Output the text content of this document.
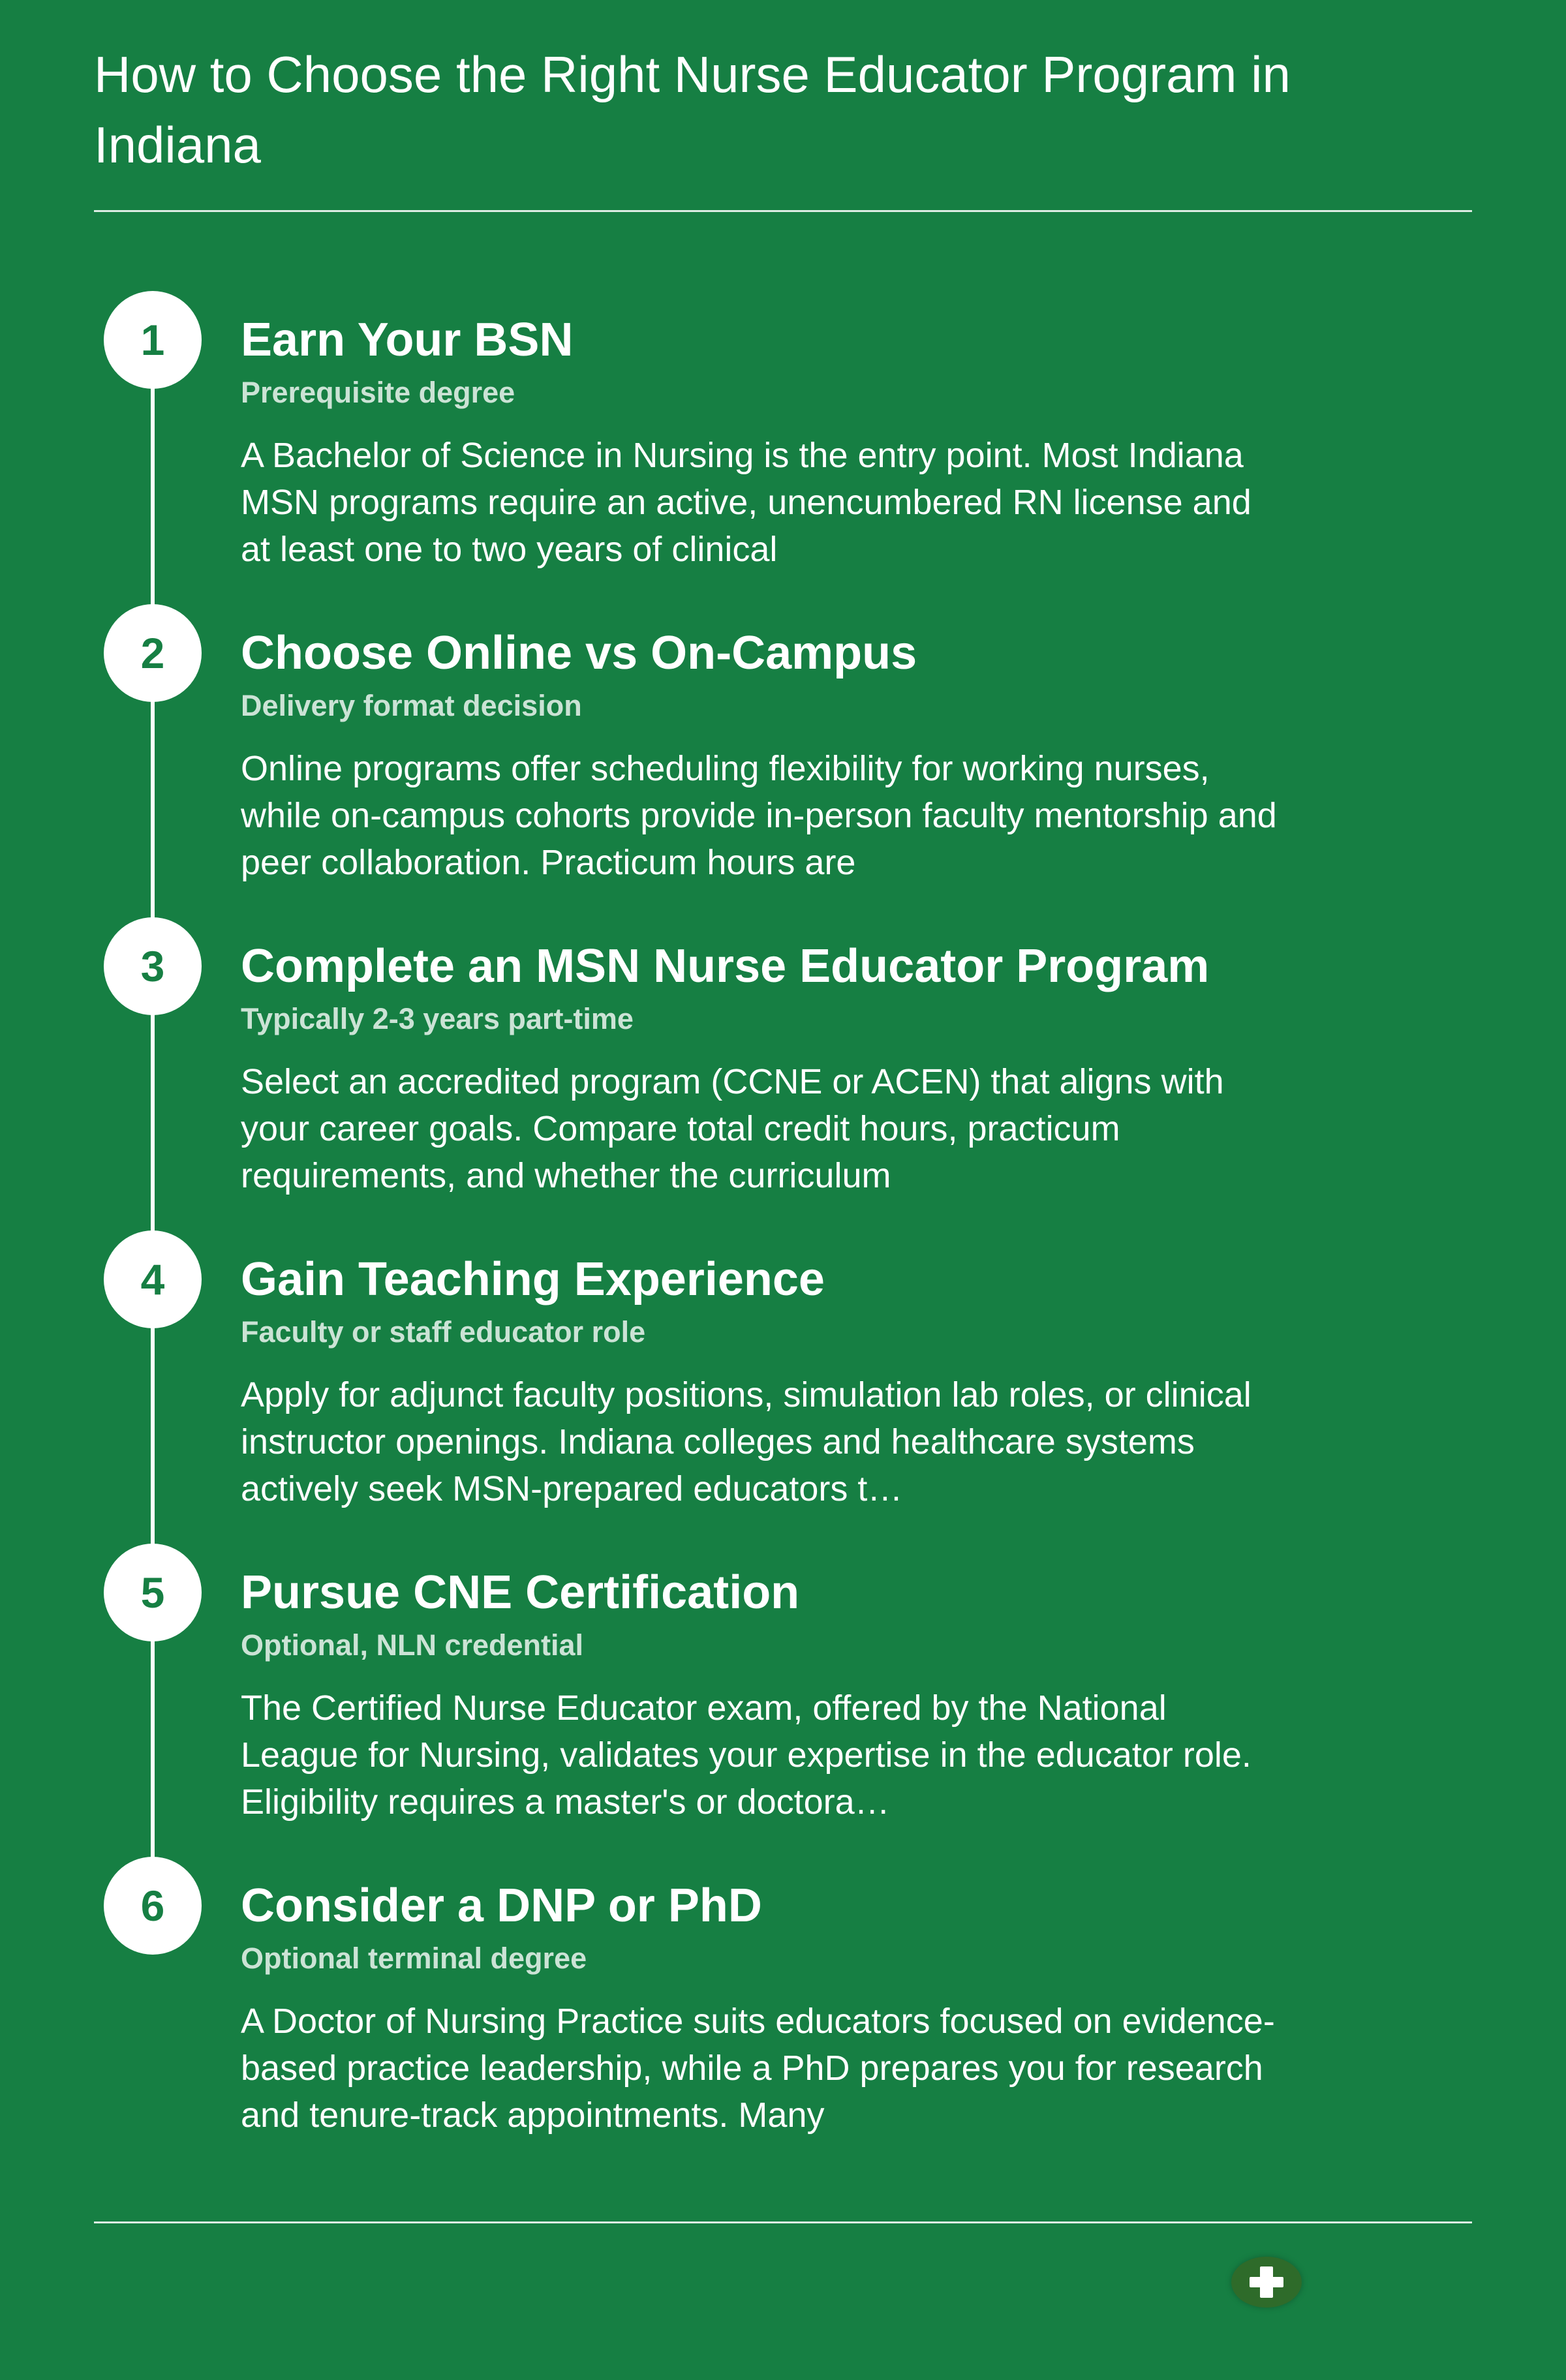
How to Choose the Right Nurse Educator Program in Indiana
1	Earn Your BSN
Prerequisite degree

A Bachelor of Science in Nursing is the entry point. Most Indiana MSN programs require an active, unencumbered RN license and at least one to two years of clinical

2	Choose Online vs On-Campus
Delivery format decision

Online programs offer scheduling flexibility for working nurses, while on-campus cohorts provide in-person faculty mentorship and peer collaboration. Practicum hours are

3	Complete an MSN Nurse Educator Program
Typically 2-3 years part-time

Select an accredited program (CCNE or ACEN) that aligns with your career goals. Compare total credit hours, practicum requirements, and whether the curriculum

4	Gain Teaching Experience
Faculty or staff educator role

Apply for adjunct faculty positions, simulation lab roles, or clinical instructor openings. Indiana colleges and healthcare systems actively seek MSN-prepared educators t…

5	Pursue CNE Certification
Optional, NLN credential

The Certified Nurse Educator exam, offered by the National League for Nursing, validates your expertise in the educator role. Eligibility requires a master's or doctora…

6	Consider a DNP or PhD
Optional terminal degree

A Doctor of Nursing Practice suits educators focused on evidence-based practice leadership, while a PhD prepares you for research and tenure-track appointments. Many
